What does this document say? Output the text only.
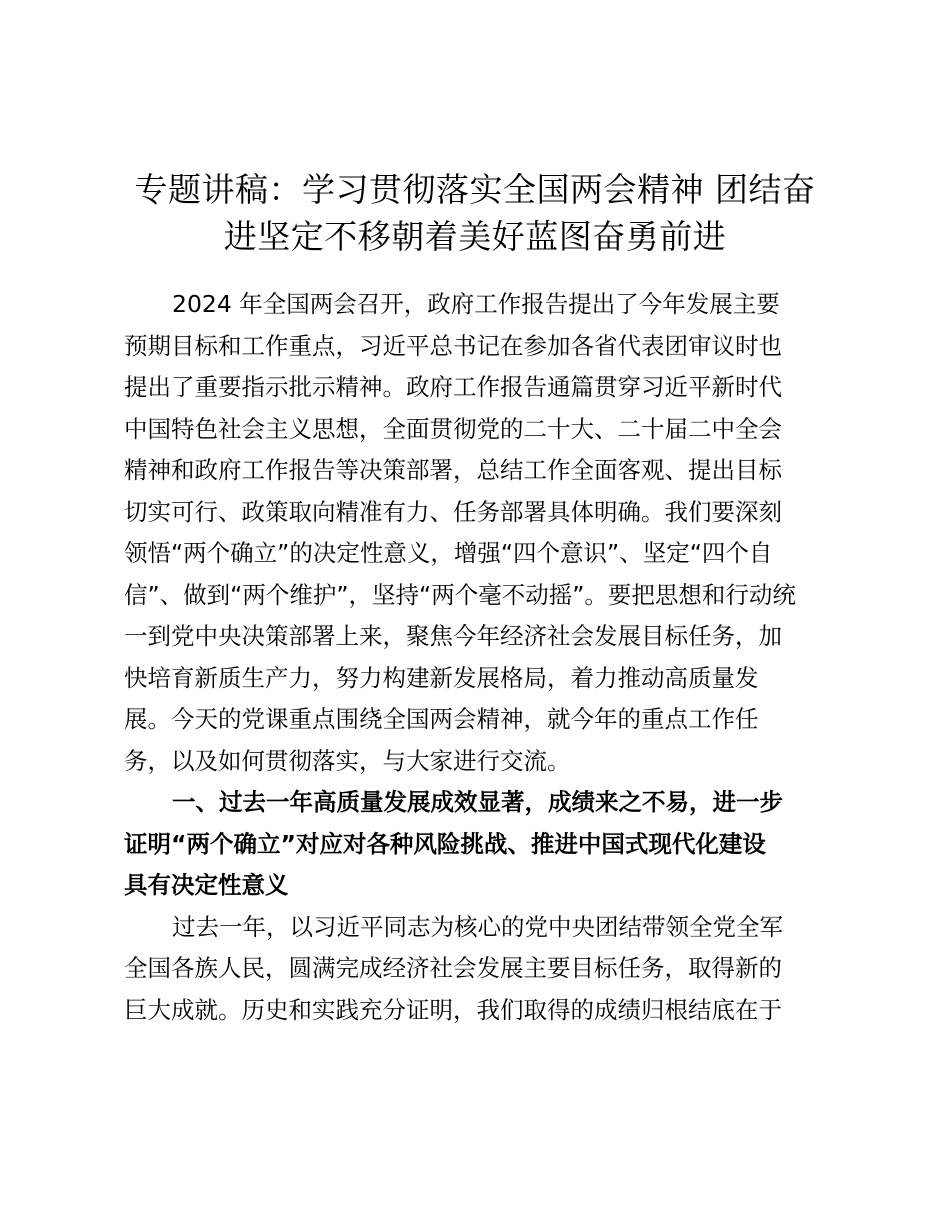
专题讲稿：学习贯彻落实全国两会精神 团结奋
进坚定不移朝着美好蓝图奋勇前进

2024 年全国两会召开，政府工作报告提出了今年发展主要
预期目标和工作重点，习近平总书记在参加各省代表团审议时也
提出了重要指示批示精神。政府工作报告通篇贯穿习近平新时代
中国特色社会主义思想，全面贯彻党的二十大、二十届二中全会
精神和政府工作报告等决策部署，总结工作全面客观、提出目标
切实可行、政策取向精准有力、任务部署具体明确。我们要深刻
领悟“两个确立”的决定性意义，增强“四个意识”、坚定“四个自
信”、做到“两个维护”，坚持“两个毫不动摇”。要把思想和行动统
一到党中央决策部署上来，聚焦今年经济社会发展目标任务，加
快培育新质生产力，努力构建新发展格局，着力推动高质量发
展。今天的党课重点围绕全国两会精神，就今年的重点工作任
务，以及如何贯彻落实，与大家进行交流。

一、过去一年高质量发展成效显著，成绩来之不易，进一步
证明“两个确立”对应对各种风险挑战、推进中国式现代化建设
具有决定性意义

过去一年，以习近平同志为核心的党中央团结带领全党全军
全国各族人民，圆满完成经济社会发展主要目标任务，取得新的
巨大成就。历史和实践充分证明，我们取得的成绩归根结底在于
